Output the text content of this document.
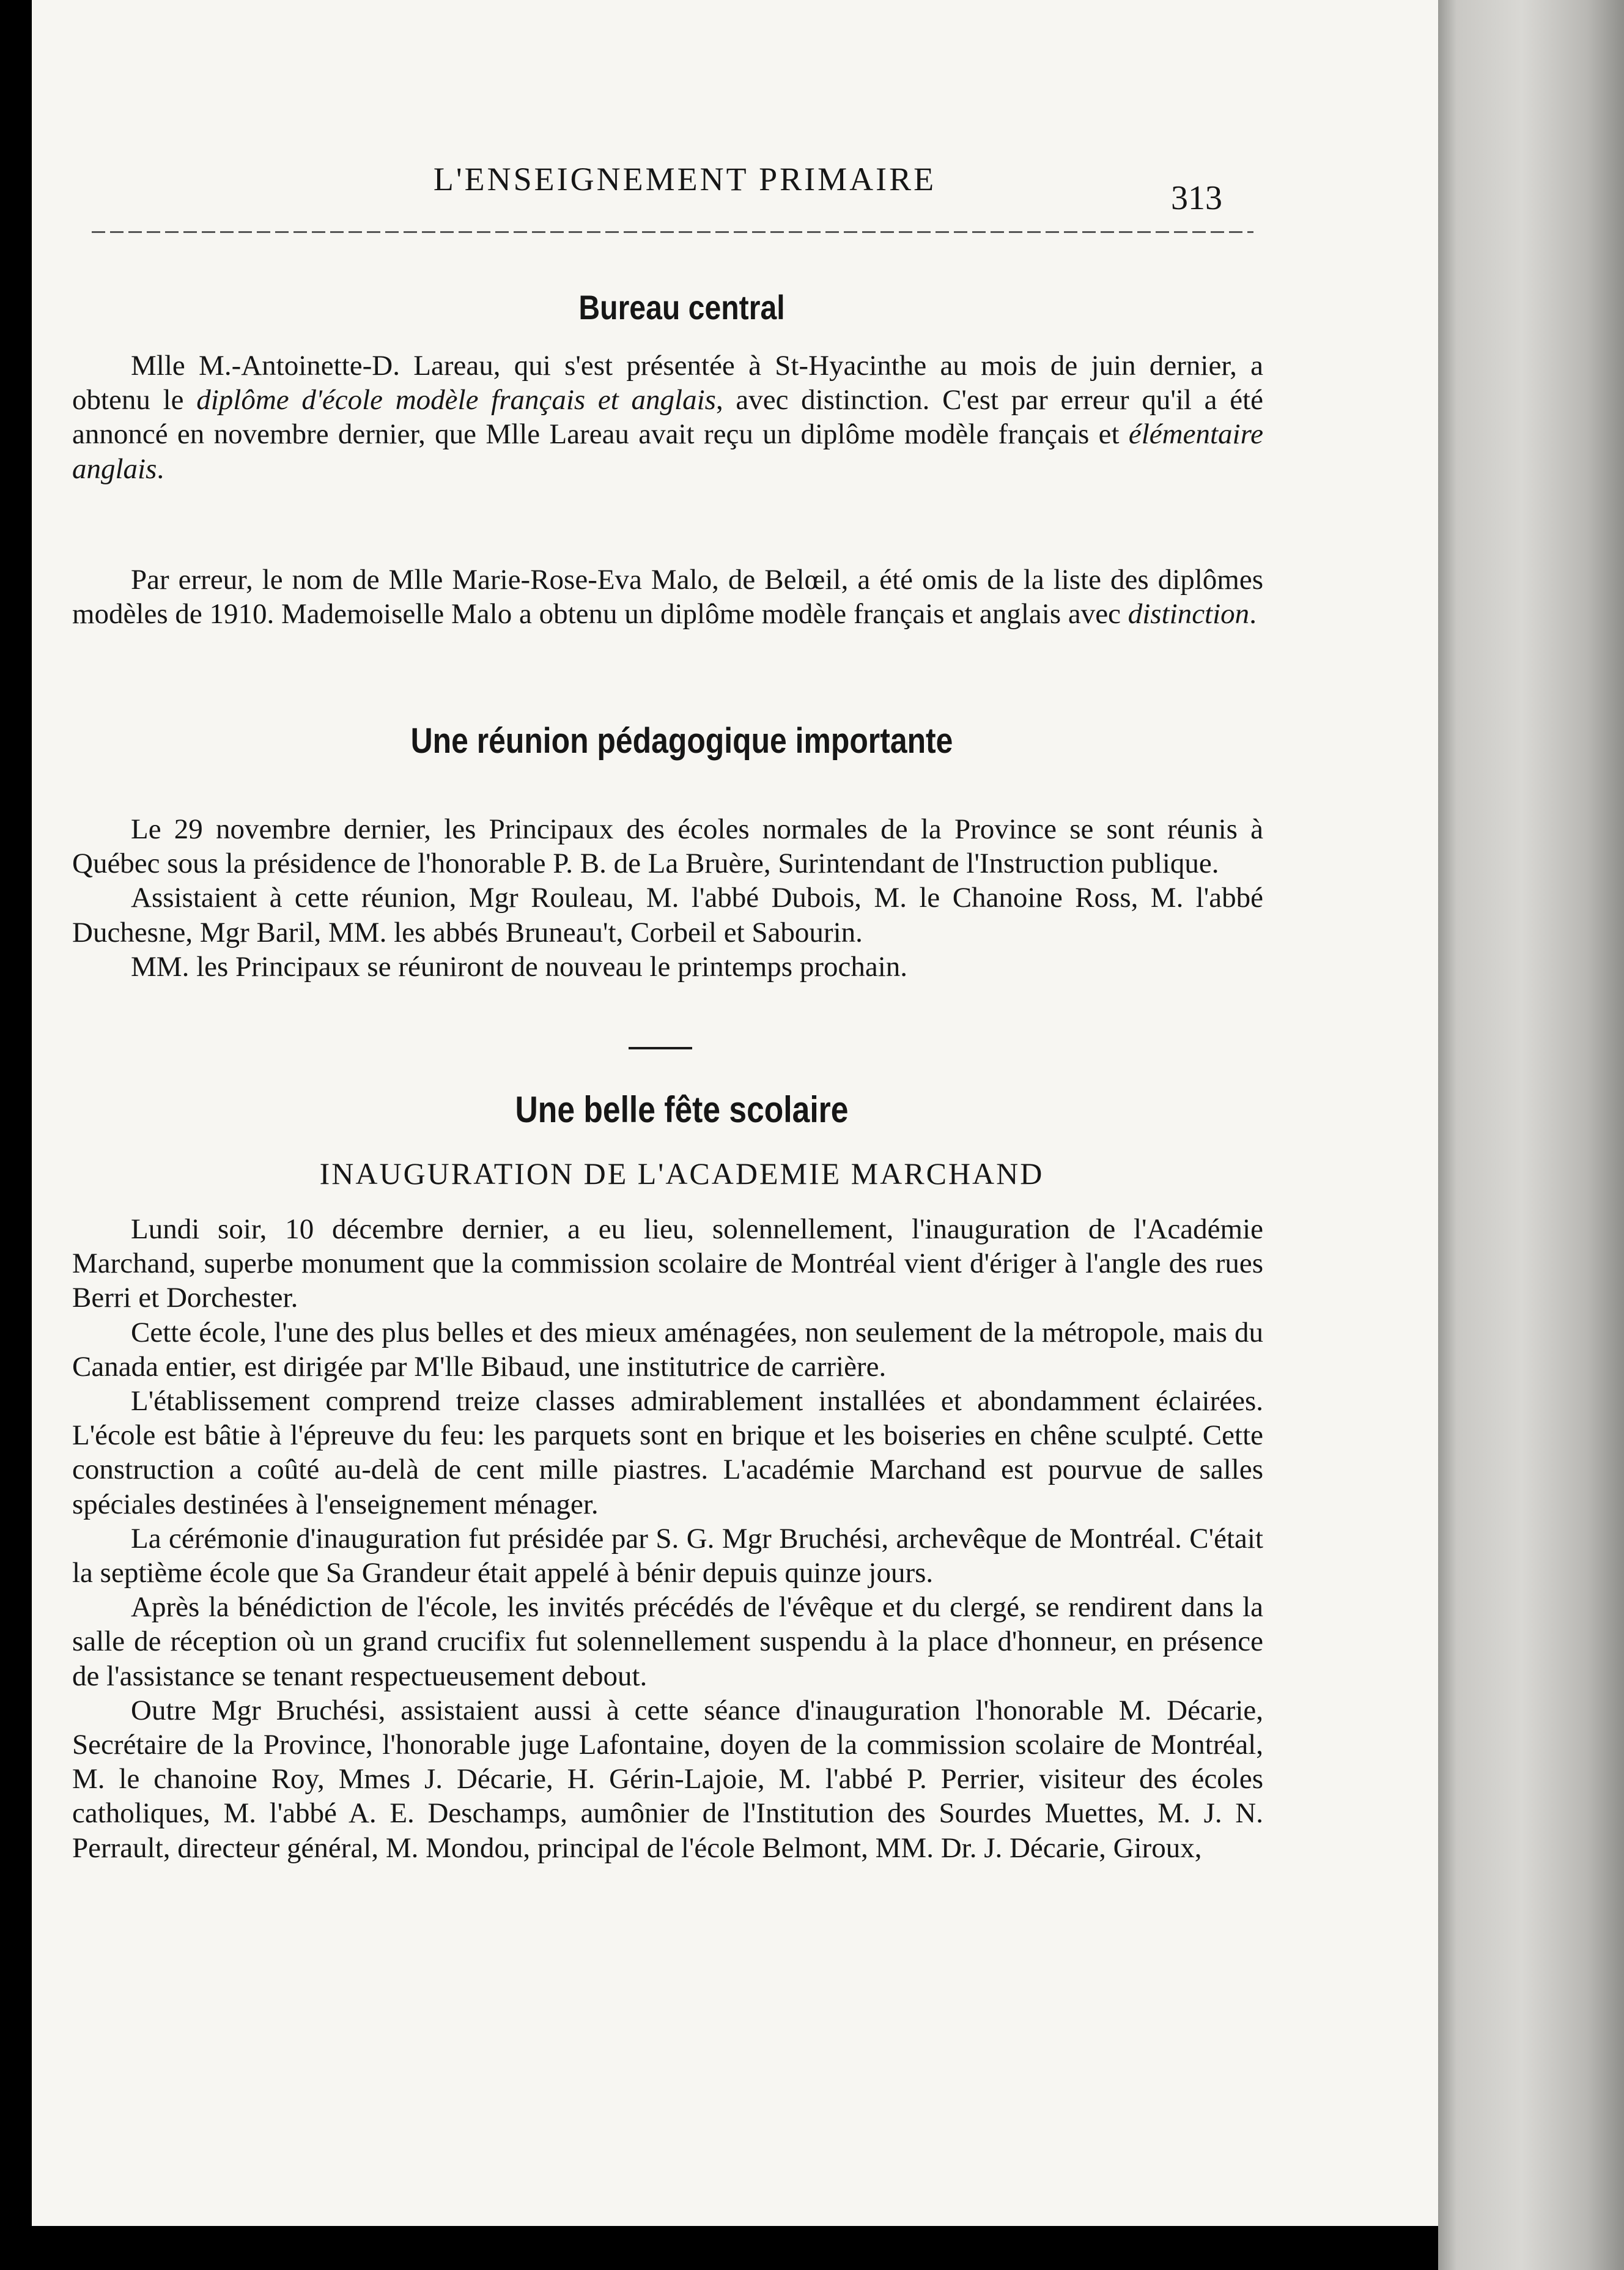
L'ENSEIGNEMENT PRIMAIRE	313
Bureau central

Mlle M.-Antoinette-D. Lareau, qui s'est présentée à St-Hyacinthe au mois de juin dernier, a obtenu le diplôme d'école modèle français et anglais, avec distinction. C'est par erreur qu'il a été annoncé en novembre dernier, que Mlle Lareau avait reçu un diplôme modèle français et élémentaire anglais.

Par erreur, le nom de Mlle Marie-Rose-Eva Malo, de Belœil, a été omis de la liste des diplômes modèles de 1910. Mademoiselle Malo a obtenu un diplôme modèle français et anglais avec distinction.

Une réunion pédagogique importante

Le 29 novembre dernier, les Principaux des écoles normales de la Province se sont réunis à Québec sous la présidence de l'honorable P. B. de La Bruère, Surintendant de l'Instruction publique.

Assistaient à cette réunion, Mgr Rouleau, M. l'abbé Dubois, M. le Chanoine Ross, M. l'abbé Duchesne, Mgr Baril, MM. les abbés Bruneau't, Corbeil et Sabourin.

MM. les Principaux se réuniront de nouveau le printemps prochain.

Une belle fête scolaire
INAUGURATION DE L'ACADEMIE MARCHAND

Lundi soir, 10 décembre dernier, a eu lieu, solennellement, l'inauguration de l'Académie Marchand, superbe monument que la commission scolaire de Montréal vient d'ériger à l'angle des rues Berri et Dorchester.

Cette école, l'une des plus belles et des mieux aménagées, non seulement de la métropole, mais du Canada entier, est dirigée par M'lle Bibaud, une institutrice de carrière.

L'établissement comprend treize classes admirablement installées et abondamment éclairées. L'école est bâtie à l'épreuve du feu: les parquets sont en brique et les boiseries en chêne sculpté. Cette construction a coûté au-delà de cent mille piastres. L'académie Marchand est pourvue de salles spéciales destinées à l'enseignement ménager.

La cérémonie d'inauguration fut présidée par S. G. Mgr Bruchési, archevêque de Montréal. C'était la septième école que Sa Grandeur était appelé à bénir depuis quinze jours.

Après la bénédiction de l'école, les invités précédés de l'évêque et du clergé, se rendirent dans la salle de réception où un grand crucifix fut solennellement suspendu à la place d'honneur, en présence de l'assistance se tenant respectueusement debout.

Outre Mgr Bruchési, assistaient aussi à cette séance d'inauguration l'honorable M. Décarie, Secrétaire de la Province, l'honorable juge Lafontaine, doyen de la commission scolaire de Montréal, M. le chanoine Roy, Mmes J. Décarie, H. Gérin-Lajoie, M. l'abbé P. Perrier, visiteur des écoles catholiques, M. l'abbé A. E. Deschamps, aumônier de l'Institution des Sourdes Muettes, M. J. N. Perrault, directeur général, M. Mondou, principal de l'école Belmont, MM. Dr. J. Décarie, Giroux,
